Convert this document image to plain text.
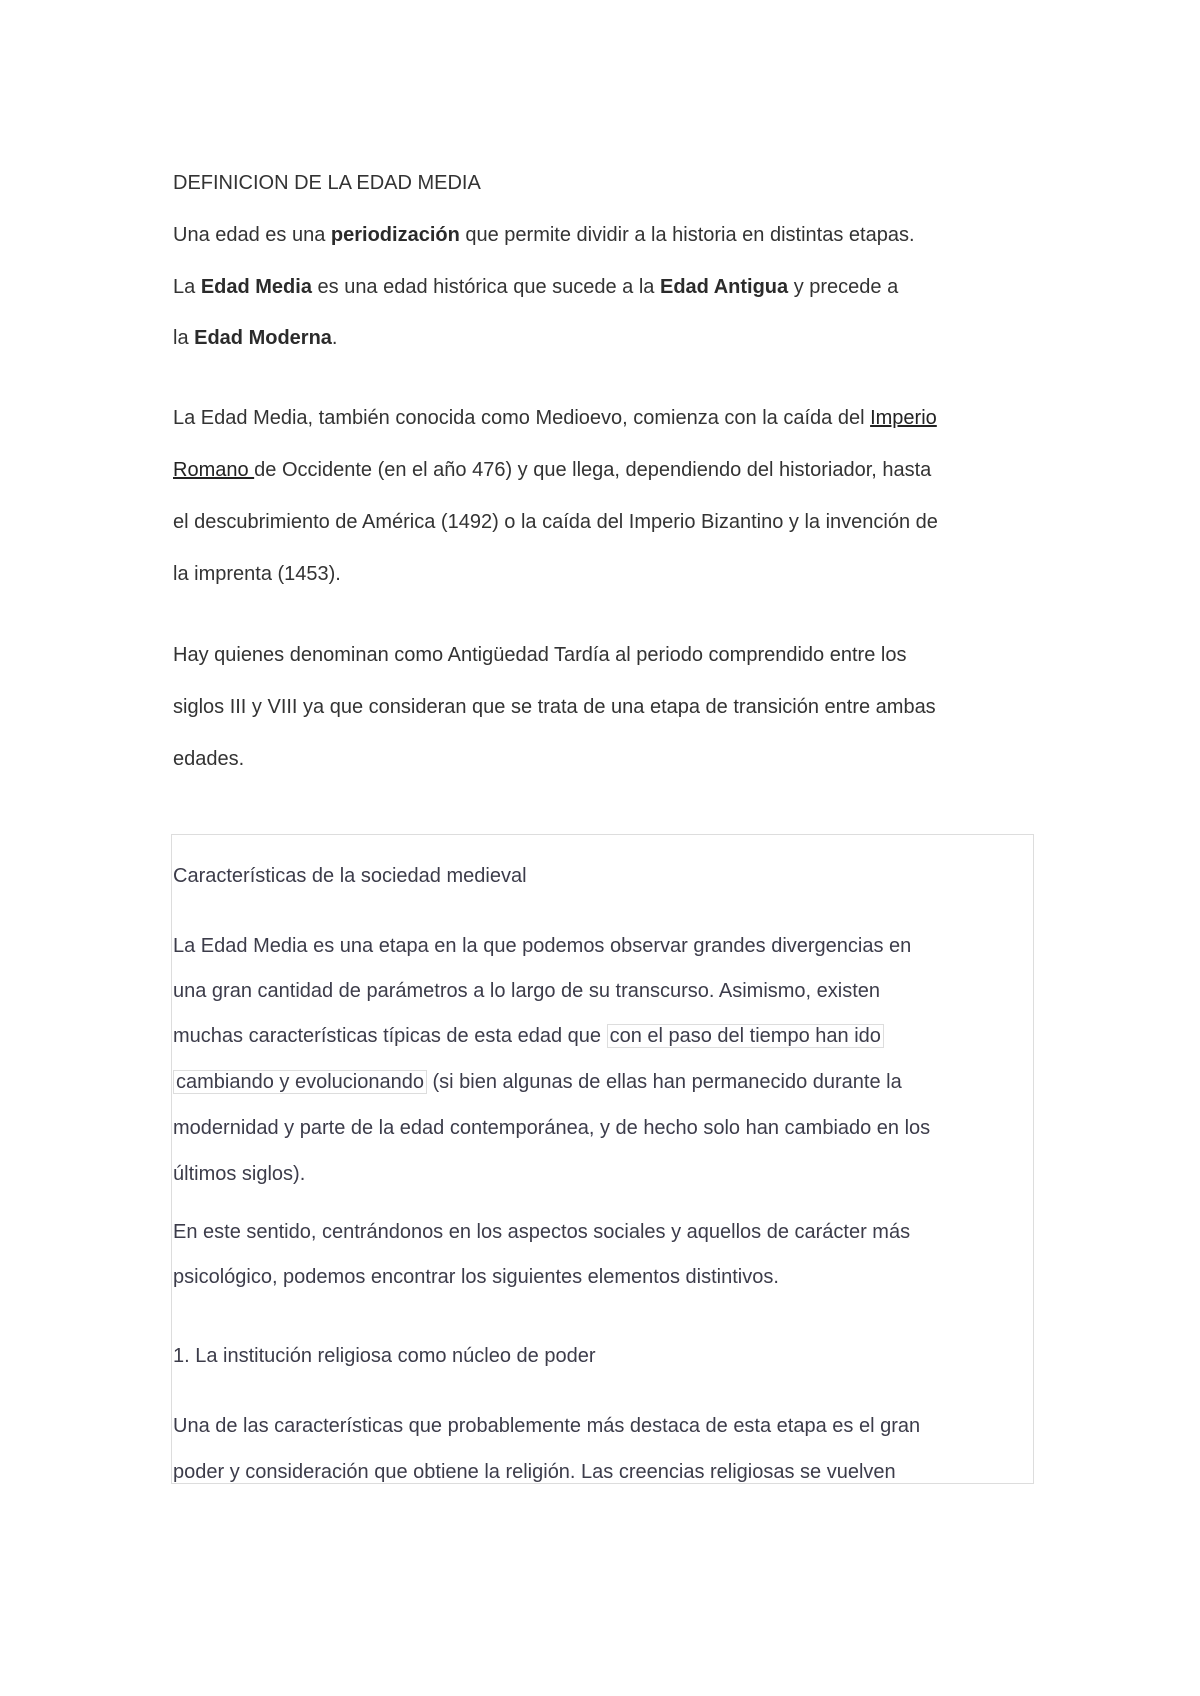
DEFINICION DE LA EDAD MEDIA
Una edad es una periodización que permite dividir a la historia en distintas etapas.
La Edad Media es una edad histórica que sucede a la Edad Antigua y precede a
la Edad Moderna.
La Edad Media, también conocida como Medioevo, comienza con la caída del Imperio
Romano de Occidente (en el año 476) y que llega, dependiendo del historiador, hasta
el descubrimiento de América (1492) o la caída del Imperio Bizantino y la invención de
la imprenta (1453).
Hay quienes denominan como Antigüedad Tardía al periodo comprendido entre los
siglos III y VIII ya que consideran que se trata de una etapa de transición entre ambas
edades.
Características de la sociedad medieval
La Edad Media es una etapa en la que podemos observar grandes divergencias en
una gran cantidad de parámetros a lo largo de su transcurso. Asimismo, existen
muchas características típicas de esta edad que con el paso del tiempo han ido
cambiando y evolucionando (si bien algunas de ellas han permanecido durante la
modernidad y parte de la edad contemporánea, y de hecho solo han cambiado en los
últimos siglos).
En este sentido, centrándonos en los aspectos sociales y aquellos de carácter más
psicológico, podemos encontrar los siguientes elementos distintivos.
1. La institución religiosa como núcleo de poder
Una de las características que probablemente más destaca de esta etapa es el gran
poder y consideración que obtiene la religión. Las creencias religiosas se vuelven
